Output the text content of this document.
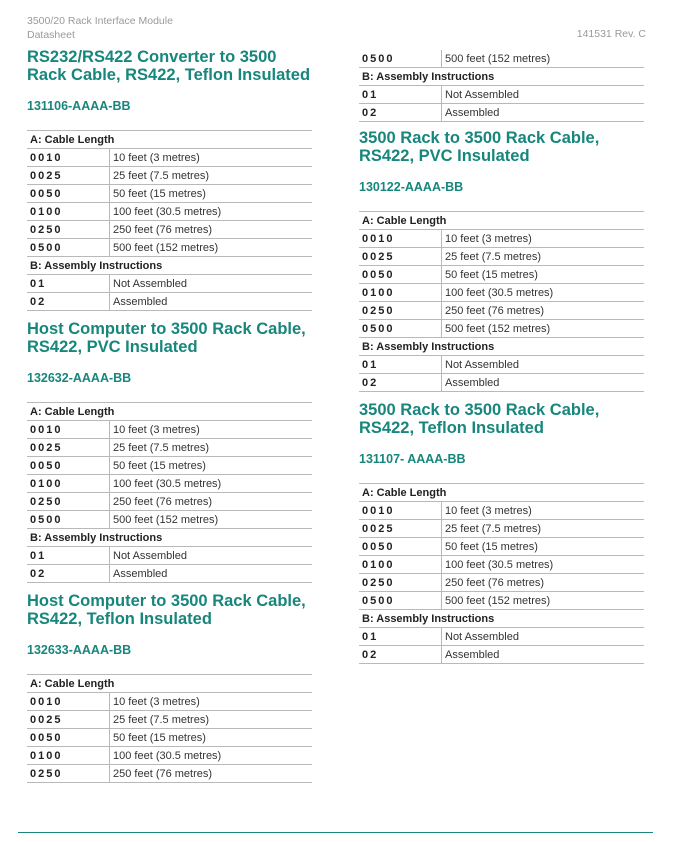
3500/20 Rack Interface Module
Datasheet	141531 Rev. C
RS232/RS422 Converter to 3500
Rack Cable, RS422, Teflon Insulated
131106-AAAA-BB
A: Cable Length	
0010	10 feet (3 metres)
0025	25 feet (7.5 metres)
0050	50 feet (15 metres)
0100	100 feet (30.5 metres)
0250	250 feet (76 metres)
0500	500 feet (152 metres)
B: Assembly Instructions	
01	Not Assembled
02	Assembled
Host Computer to 3500 Rack Cable,
RS422, PVC Insulated
132632-AAAA-BB
A: Cable Length	
0010	10 feet (3 metres)
0025	25 feet (7.5 metres)
0050	50 feet (15 metres)
0100	100 feet (30.5 metres)
0250	250 feet (76 metres)
0500	500 feet (152 metres)
B: Assembly Instructions	
01	Not Assembled
02	Assembled
Host Computer to 3500 Rack Cable,
RS422, Teflon Insulated
132633-AAAA-BB
A: Cable Length	
0010	10 feet (3 metres)
0025	25 feet (7.5 metres)
0050	50 feet (15 metres)
0100	100 feet (30.5 metres)
0250	250 feet (76 metres)
0500	500 feet (152 metres)
B: Assembly Instructions	
01	Not Assembled
02	Assembled
3500 Rack to 3500 Rack Cable,
RS422, PVC Insulated
130122-AAAA-BB
A: Cable Length	
0010	10 feet (3 metres)
0025	25 feet (7.5 metres)
0050	50 feet (15 metres)
0100	100 feet (30.5 metres)
0250	250 feet (76 metres)
0500	500 feet (152 metres)
B: Assembly Instructions	
01	Not Assembled
02	Assembled
3500 Rack to 3500 Rack Cable,
RS422, Teflon Insulated
131107- AAAA-BB
A: Cable Length	
0010	10 feet (3 metres)
0025	25 feet (7.5 metres)
0050	50 feet (15 metres)
0100	100 feet (30.5 metres)
0250	250 feet (76 metres)
0500	500 feet (152 metres)
B: Assembly Instructions	
01	Not Assembled
02	Assembled
